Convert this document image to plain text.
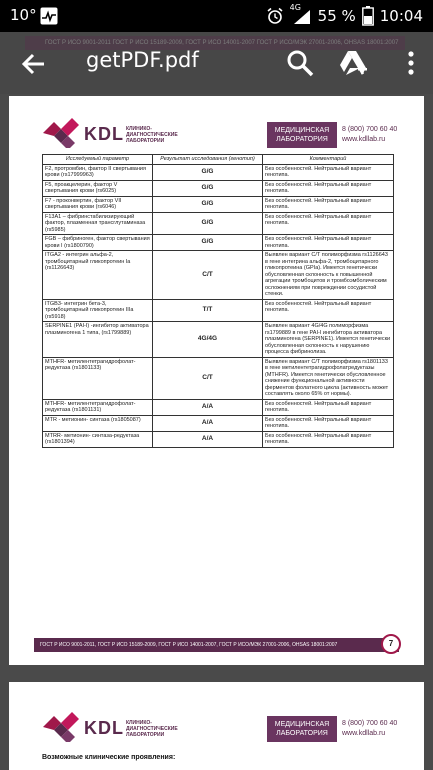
10°	4G 55 % 10:04
ГОСТ Р ИСО 9001-2011 ГОСТ Р ИСО 15189-2009, ГОСТ Р ИСО 14001-2007 ГОСТ Р ИСО/МЭК 27001-2006, OHSAS 18001:2007
getPDF.pdf
KDL КЛИНИКО-
ДИАГНОСТИЧЕСКИЕ
ЛАБОРАТОРИИ
МЕДИЦИНСКАЯ
ЛАБОРАТОРИЯ
8 (800) 700 60 40
www.kdllab.ru
Исследуемый параметр	Результат исследования (генотип)	Комментарий
F2, протромбин, фактор II свертывания крови (rs17999963)	G/G	Без особенностей. Нейтральный вариант генотипа.
F5, проакцелерин, фактор V свертывания крови (rs6025)	G/G	Без особенностей. Нейтральный вариант генотипа.
F7 - проконвертин, фактор VII свертывания крови (rs6046)	G/G	Без особенностей. Нейтральный вариант генотипа.
F13A1 – фибринстабилизирующий фактор, плазменная трансглутаминаза (rs5985)	G/G	Без особенностей. Нейтральный вариант генотипа.
FGB – фибриноген, фактор свертывания крови I (rs1800790)	G/G	Без особенностей. Нейтральный вариант генотипа.
ITGA2 - интегрин альфа-2, тромбоцитарный гликопротеин Ia (rs1126643)	C/T	Выявлен вариант C/T полиморфизма rs1126643 в гене интегрина альфа-2, тромбоцитарного гликопротеина (GPIa). Имеется генетически обусловленная склонность к повышенной агрегации тромбоцитов и тромбоэмболическим осложнениям при повреждении сосудистой стенки.
ITGB3- интегрин бета-3, тромбоцитарный гликопротеин IIIa (rs5918)	T/T	Без особенностей. Нейтральный вариант генотипа.
SERPINE1 (PAI-I) -ингибитор активатора плазминогена 1 типа, (rs1799889)	4G/4G	Выявлен вариант 4G/4G полиморфизма rs1799889 в гене PAI-I ингибитора активатора плазминогена (SERPINE1). Имеется генетически обусловленная склонность к нарушению процесса фибринолиза.
MTHFR- метилентетрагидрофолат-редуктаза (rs1801133)	C/T	Выявлен вариант C/T полиморфизма rs1801133 в гене метилентетрагидрофолатредуктазы (MTHFR). Имеется генетически обусловленное снижение функциональной активности ферментов фолатного цикла (активность может составлять около 65% от нормы).
MTHFR- метилентетрагидрофолат-редуктаза (rs1801131)	A/A	Без особенностей. Нейтральный вариант генотипа.
MTR - метионин- синтаза (rs1805087)	A/A	Без особенностей. Нейтральный вариант генотипа.
MTRR- метионин- синтаза-редуктаза (rs1801394)	A/A	Без особенностей. Нейтральный вариант генотипа.
ГОСТ Р ИСО 9001-2011, ГОСТ Р ИСО 15189-2009, ГОСТ Р ИСО 14001-2007, ГОСТ Р ИСО/МЭК 27001-2006, OHSAS 18001:2007	7
KDL КЛИНИКО-
ДИАГНОСТИЧЕСКИЕ
ЛАБОРАТОРИИ
МЕДИЦИНСКАЯ
ЛАБОРАТОРИЯ
8 (800) 700 60 40
www.kdllab.ru
Возможные клинические проявления:
